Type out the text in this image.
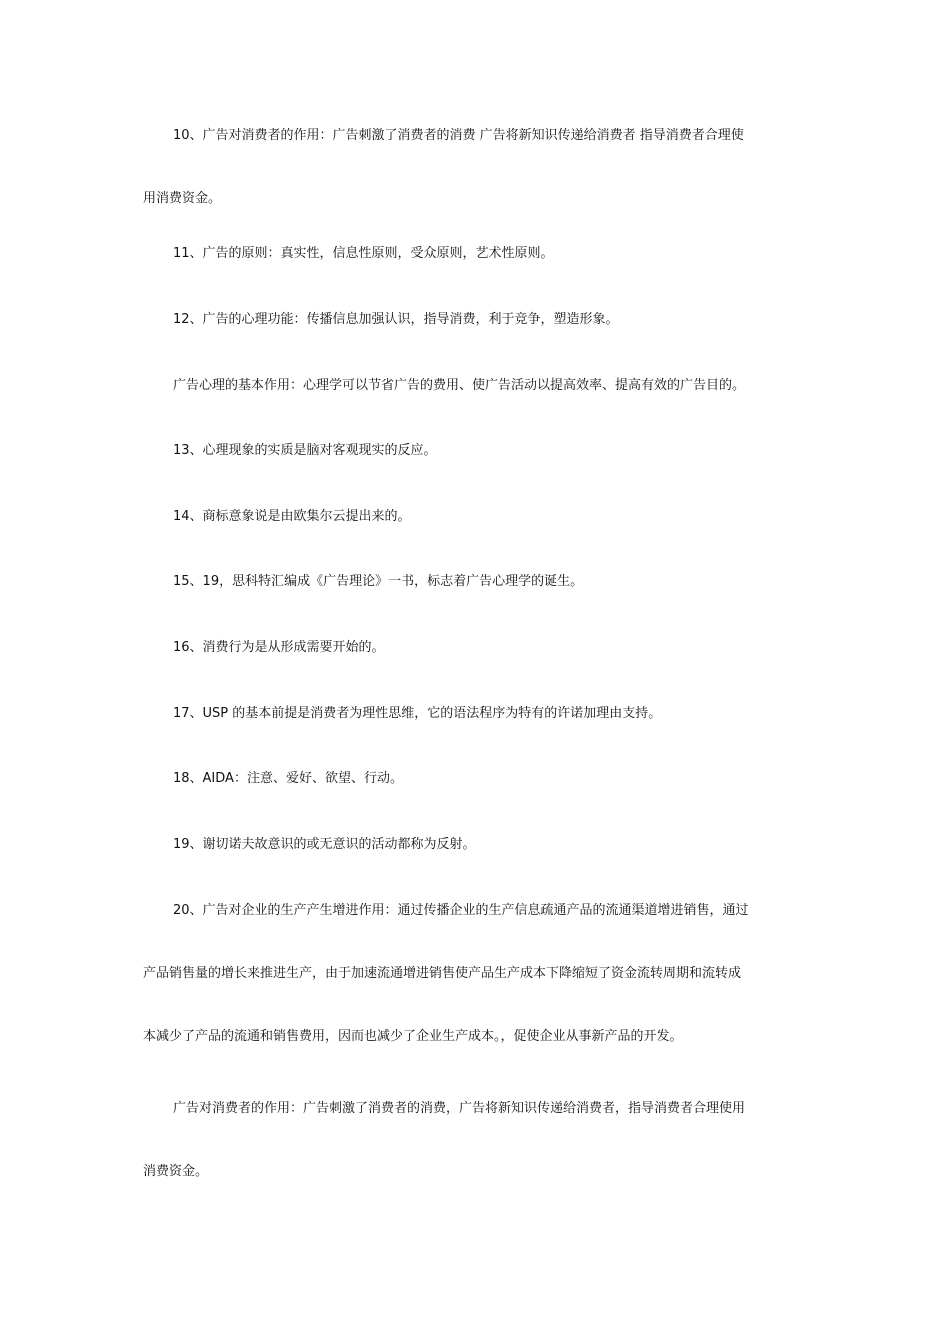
10、广告对消费者的作用：广告刺激了消费者的消费 广告将新知识传递给消费者 指导消费者合理使
用消费资金。
11、广告的原则：真实性，信息性原则，受众原则，艺术性原则。
12、广告的心理功能：传播信息加强认识，指导消费，利于竞争，塑造形象。
广告心理的基本作用：心理学可以节省广告的费用、使广告活动以提高效率、提高有效的广告目的。
13、心理现象的实质是脑对客观现实的反应。
14、商标意象说是由欧集尔云提出来的。
15、19，思科特汇编成《广告理论》一书，标志着广告心理学的诞生。
16、消费行为是从形成需要开始的。
17、USP 的基本前提是消费者为理性思维，它的语法程序为特有的许诺加理由支持。
18、AIDA：注意、爱好、欲望、行动。
19、谢切诺夫故意识的或无意识的活动都称为反射。
20、广告对企业的生产产生增进作用：通过传播企业的生产信息疏通产品的流通渠道增进销售，通过
产品销售量的增长来推进生产，由于加速流通增进销售使产品生产成本下降缩短了资金流转周期和流转成
本减少了产品的流通和销售费用，因而也减少了企业生产成本。，促使企业从事新产品的开发。
广告对消费者的作用：广告刺激了消费者的消费，广告将新知识传递给消费者，指导消费者合理使用
消费资金。
